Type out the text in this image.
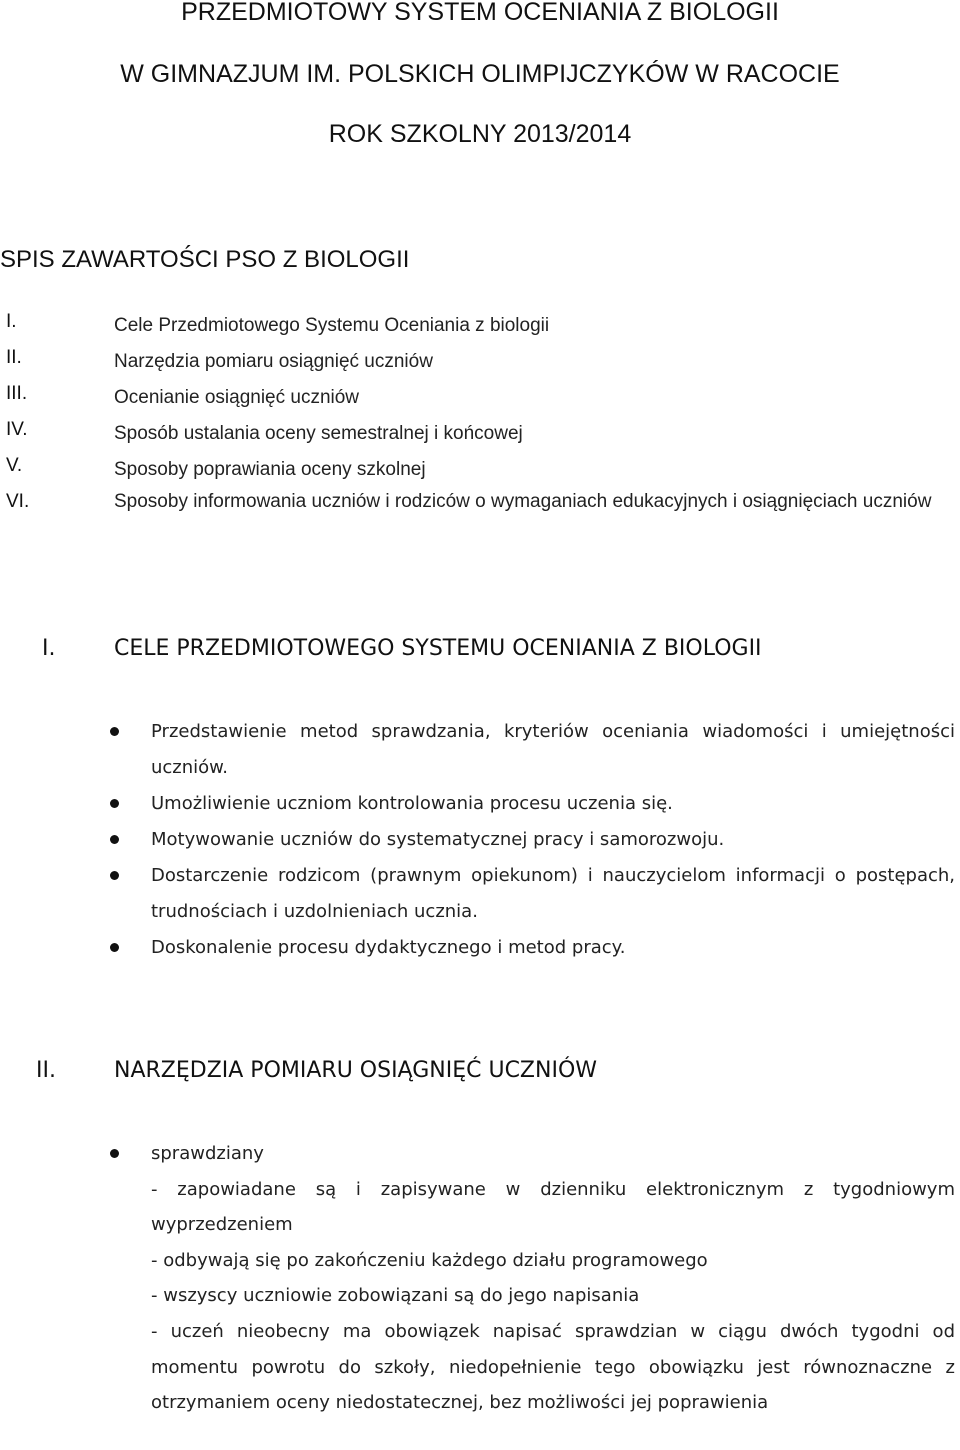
PRZEDMIOTOWY SYSTEM OCENIANIA Z BIOLOGII
W GIMNAZJUM IM. POLSKICH OLIMPIJCZYKÓW W RACOCIE
ROK SZKOLNY 2013/2014
SPIS ZAWARTOŚCI PSO Z BIOLOGII
I.	Cele Przedmiotowego Systemu Oceniania z biologii
II.	Narzędzia pomiaru osiągnięć uczniów
III.	Ocenianie osiągnięć uczniów
IV.	Sposób ustalania oceny semestralnej i końcowej
V.	Sposoby poprawiania oceny szkolnej
VI.	Sposoby informowania uczniów i rodziców o wymaganiach edukacyjnych i osiągnięciach uczniów
I.	CELE PRZEDMIOTOWEGO SYSTEMU OCENIANIA Z BIOLOGII
Przedstawienie metod sprawdzania, kryteriów oceniania wiadomości i umiejętności uczniów.
Umożliwienie uczniom kontrolowania procesu uczenia się.
Motywowanie uczniów do systematycznej pracy i samorozwoju.
Dostarczenie rodzicom (prawnym opiekunom) i nauczycielom informacji o postępach, trudnościach i uzdolnieniach ucznia.
Doskonalenie procesu dydaktycznego i metod pracy.
II.	NARZĘDZIA POMIARU OSIĄGNIĘĆ UCZNIÓW
sprawdziany
- zapowiadane są i zapisywane w dzienniku elektronicznym z tygodniowym wyprzedzeniem
- odbywają się po zakończeniu każdego działu programowego
- wszyscy uczniowie zobowiązani są do jego napisania
- uczeń nieobecny ma obowiązek napisać sprawdzian w ciągu dwóch tygodni od momentu powrotu do szkoły, niedopełnienie tego obowiązku jest równoznaczne z otrzymaniem oceny niedostatecznej, bez możliwości jej poprawienia
